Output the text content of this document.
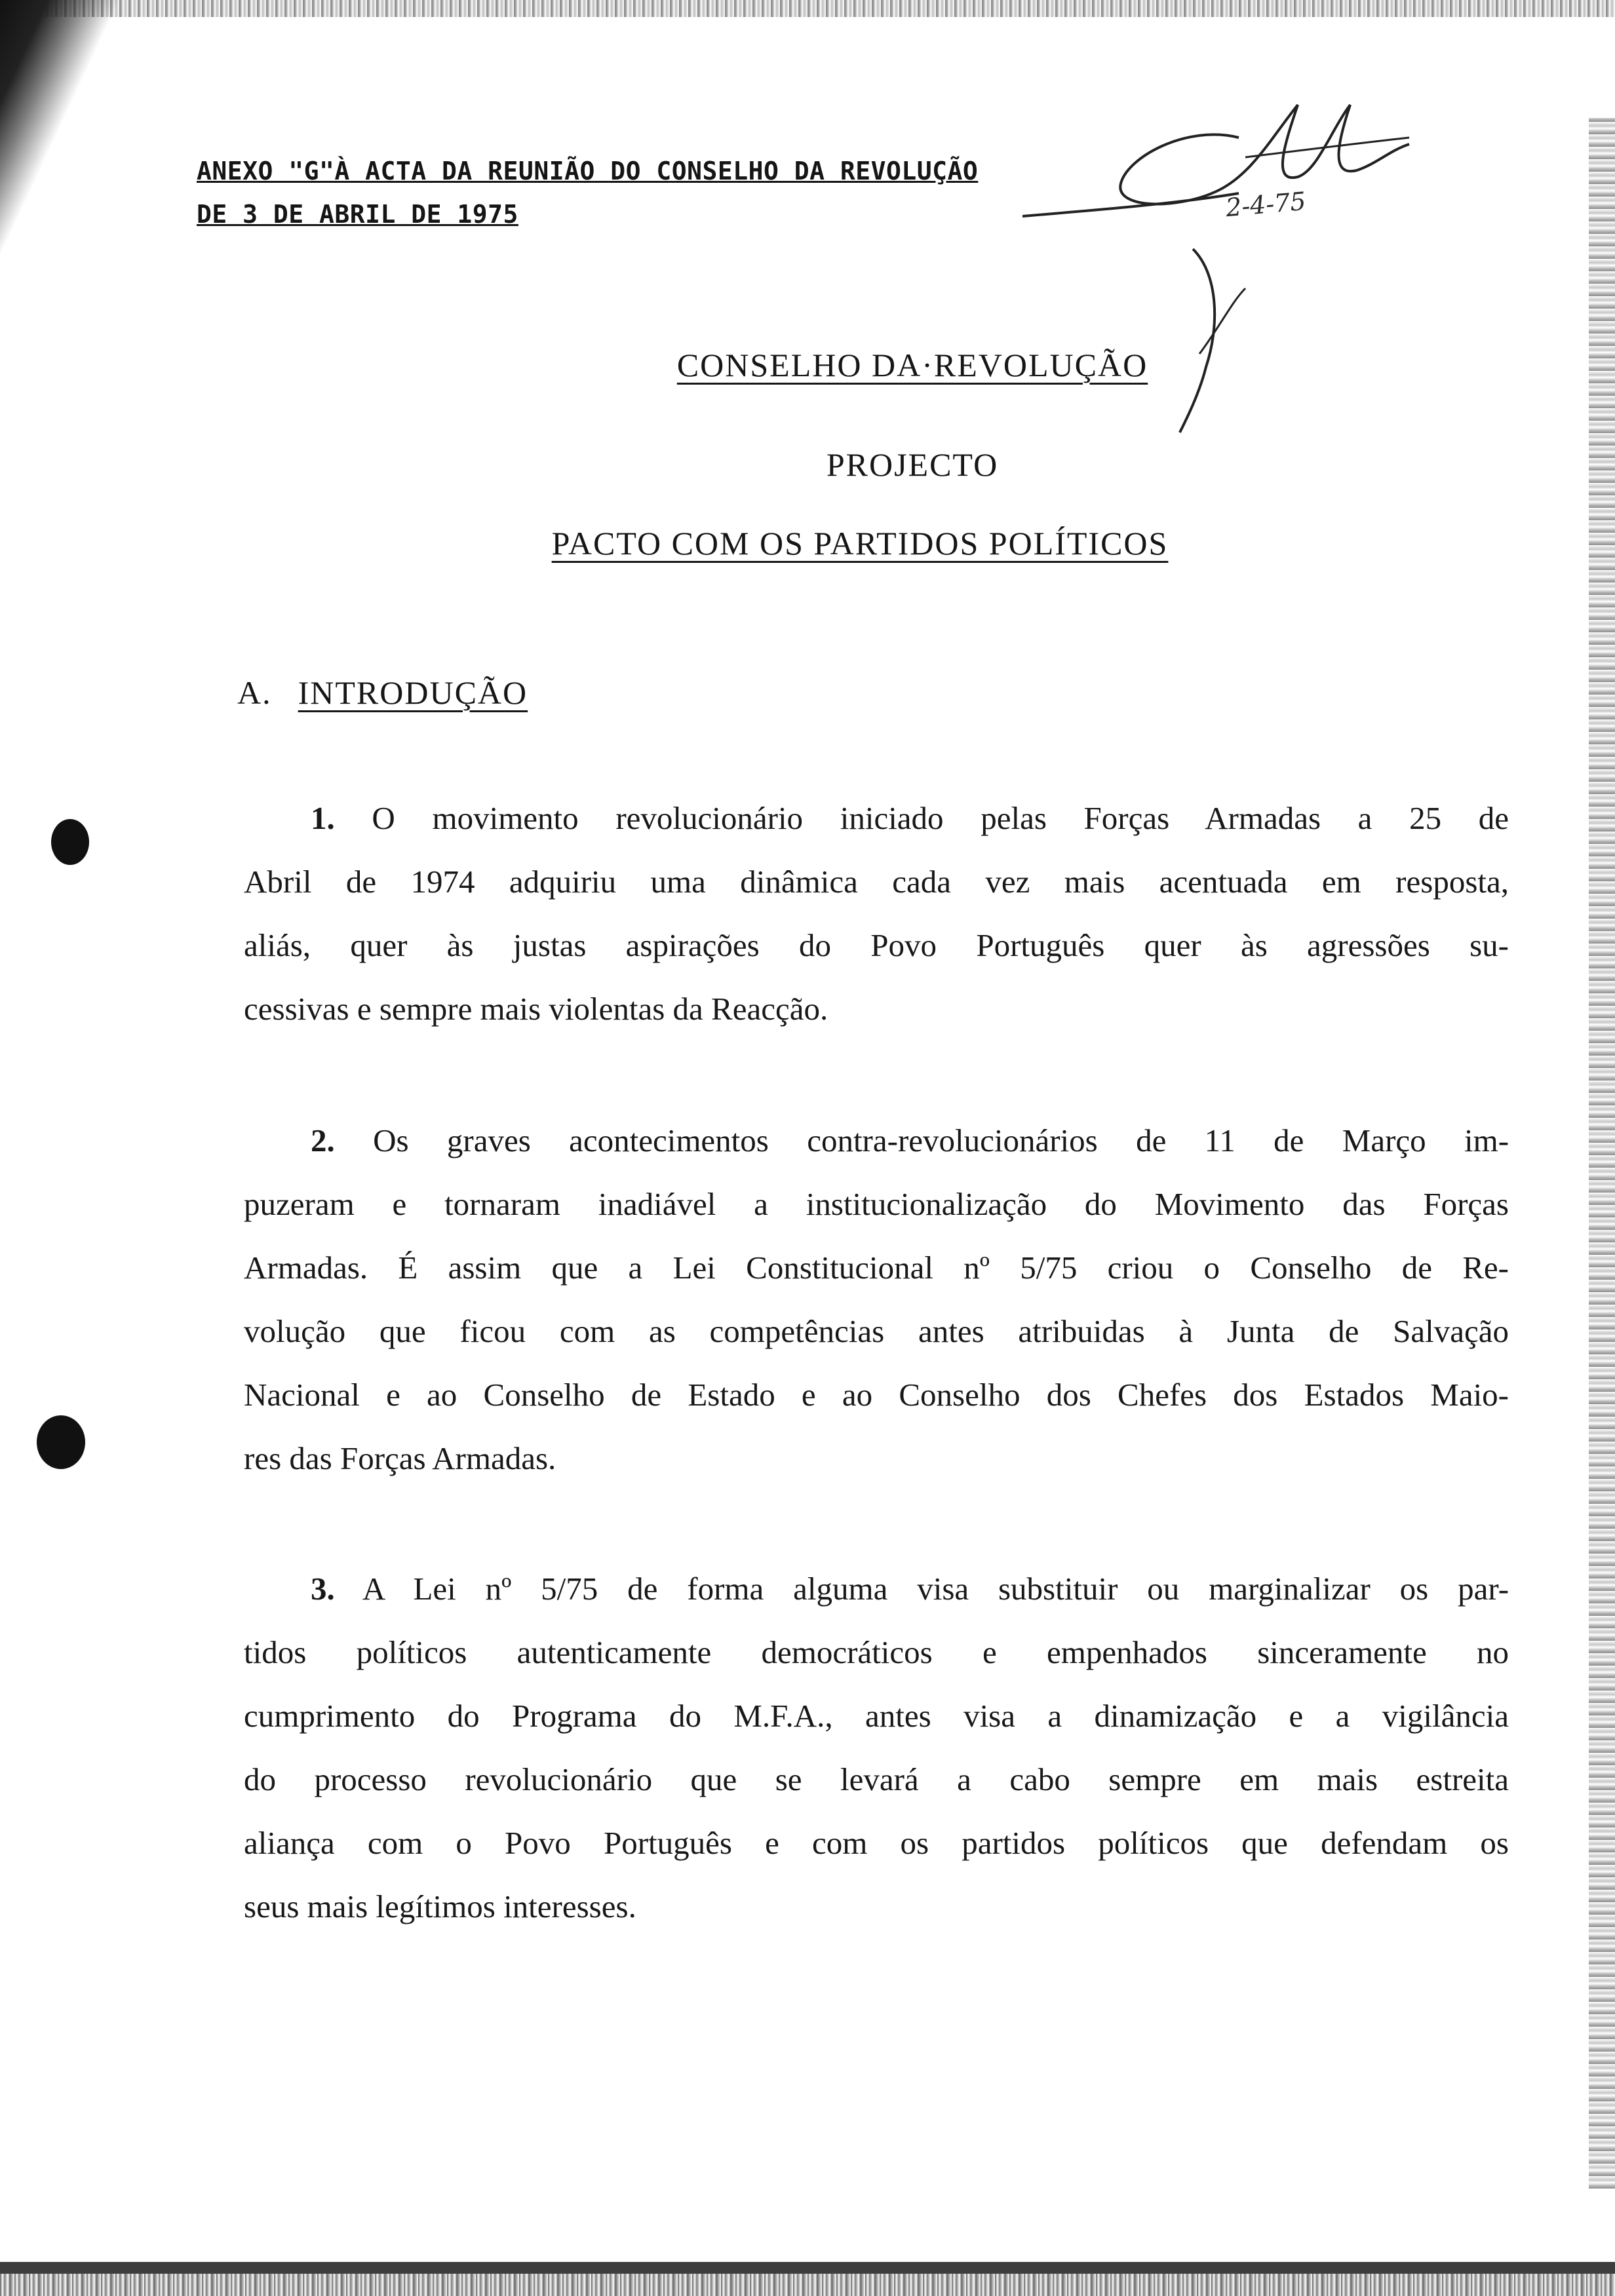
ANEXO "G"À ACTA DA REUNIÃO DO CONSELHO DA REVOLUÇÃO
DE 3 DE ABRIL DE 1975	2-4-75
CONSELHO DA·REVOLUÇÃO
PROJECTO
PACTO COM OS PARTIDOS POLÍTICOS
A. INTRODUÇÃO
1. O movimento revolucionário iniciado pelas Forças Armadas a 25 de
Abril de 1974 adquiriu uma dinâmica cada vez mais acentuada em resposta,
aliás, quer às justas aspirações do Povo Português quer às agressões su-
cessivas e sempre mais violentas da Reacção.
2. Os graves acontecimentos contra-revolucionários de 11 de Março im-
puzeram e tornaram inadiável a institucionalização do Movimento das Forças
Armadas. É assim que a Lei Constitucional nº 5/75 criou o Conselho de Re-
volução que ficou com as competências antes atribuidas à Junta de Salvação
Nacional e ao Conselho de Estado e ao Conselho dos Chefes dos Estados Maio-
res das Forças Armadas.
3. A Lei nº 5/75 de forma alguma visa substituir ou marginalizar os par-
tidos políticos autenticamente democráticos e empenhados sinceramente no
cumprimento do Programa do M.F.A., antes visa a dinamização e a vigilância
do processo revolucionário que se levará a cabo sempre em mais estreita
aliança com o Povo Português e com os partidos políticos que defendam os
seus mais legítimos interesses.
